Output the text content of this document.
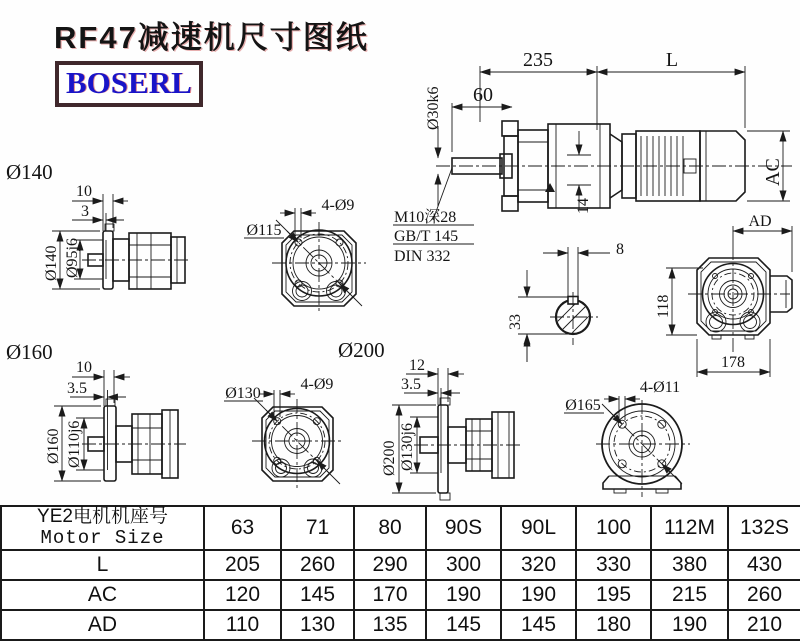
RF47减速机尺寸图纸
BOSERL
235	L
60
Ø30k6
14
AC
M10深28
GB/T 145
DIN 332
AD
118
178
8
33
Ø140
10
3
Ø140 Ø95j6
Ø115
4-Ø9
Ø160
10
3.5
Ø160 Ø110j6
Ø130
4-Ø9
Ø200
12
3.5
Ø200 Ø130j6
Ø165
4-Ø11
YE2电机机座号
Motor Size	63	71	80	90S	90L	100	112M	132S
L	205	260	290	300	320	330	380	430
AC	120	145	170	190	190	195	215	260
AD	110	130	135	145	145	180	190	210
